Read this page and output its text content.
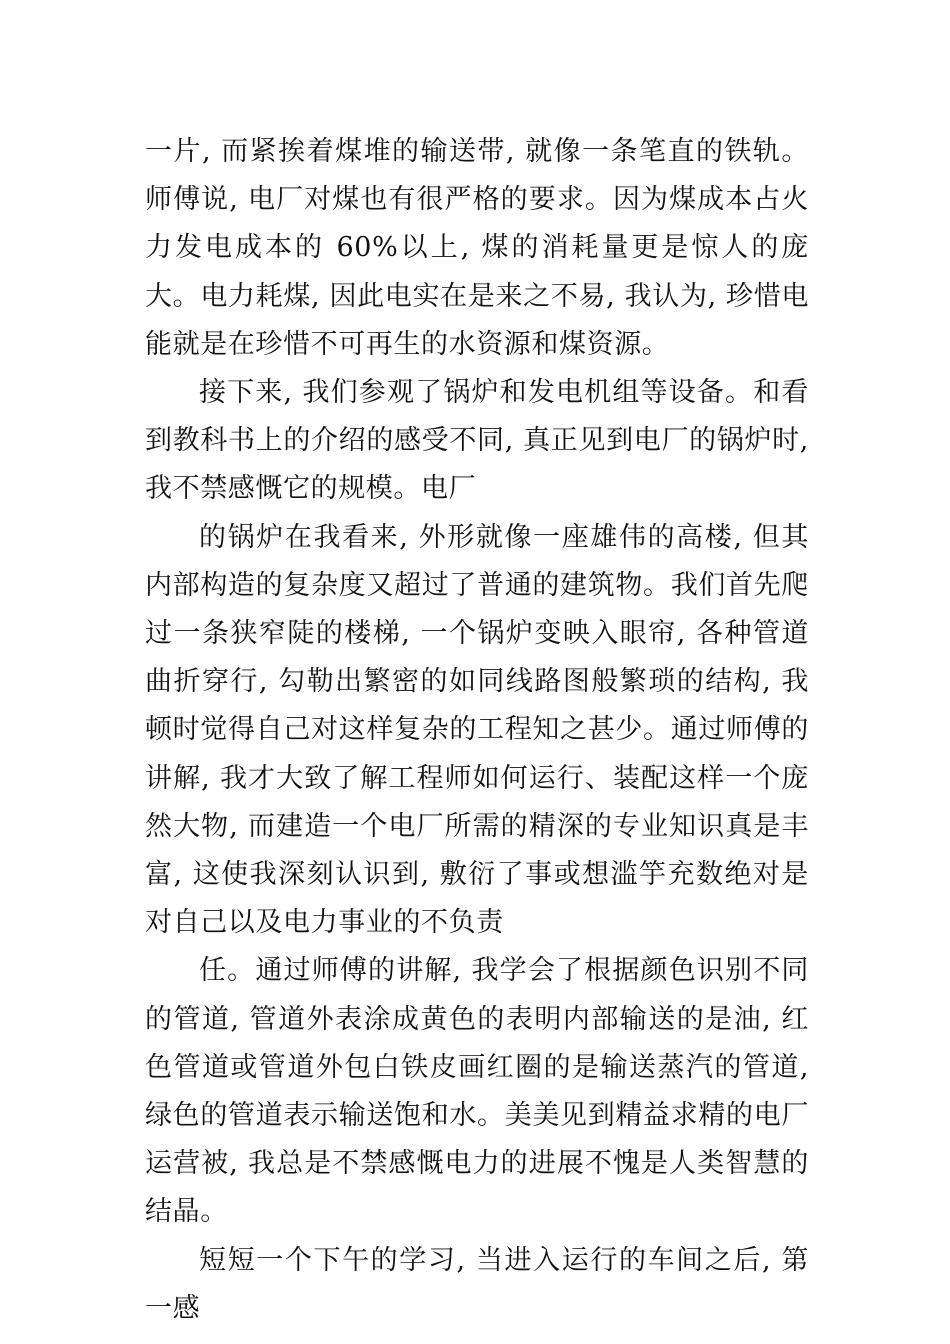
一片, 而紧挨着煤堆的输送带, 就像一条笔直的铁轨。师傅说, 电厂对煤也有很严格的要求。因为煤成本占火力发电成本的 60%以上, 煤的消耗量更是惊人的庞大。电力耗煤, 因此电实在是来之不易, 我认为, 珍惜电能就是在珍惜不可再生的水资源和煤资源。

接下来, 我们参观了锅炉和发电机组等设备。和看到教科书上的介绍的感受不同, 真正见到电厂的锅炉时, 我不禁感慨它的规模。电厂

的锅炉在我看来, 外形就像一座雄伟的高楼, 但其内部构造的复杂度又超过了普通的建筑物。我们首先爬过一条狭窄陡的楼梯, 一个锅炉变映入眼帘, 各种管道曲折穿行, 勾勒出繁密的如同线路图般繁琐的结构, 我顿时觉得自己对这样复杂的工程知之甚少。通过师傅的讲解, 我才大致了解工程师如何运行、装配这样一个庞然大物, 而建造一个电厂所需的精深的专业知识真是丰富, 这使我深刻认识到, 敷衍了事或想滥竽充数绝对是对自己以及电力事业的不负责

任。通过师傅的讲解, 我学会了根据颜色识别不同的管道, 管道外表涂成黄色的表明内部输送的是油, 红色管道或管道外包白铁皮画红圈的是输送蒸汽的管道, 绿色的管道表示输送饱和水。美美见到精益求精的电厂运营被, 我总是不禁感慨电力的进展不愧是人类智慧的结晶。

短短一个下午的学习, 当进入运行的车间之后, 第一感
